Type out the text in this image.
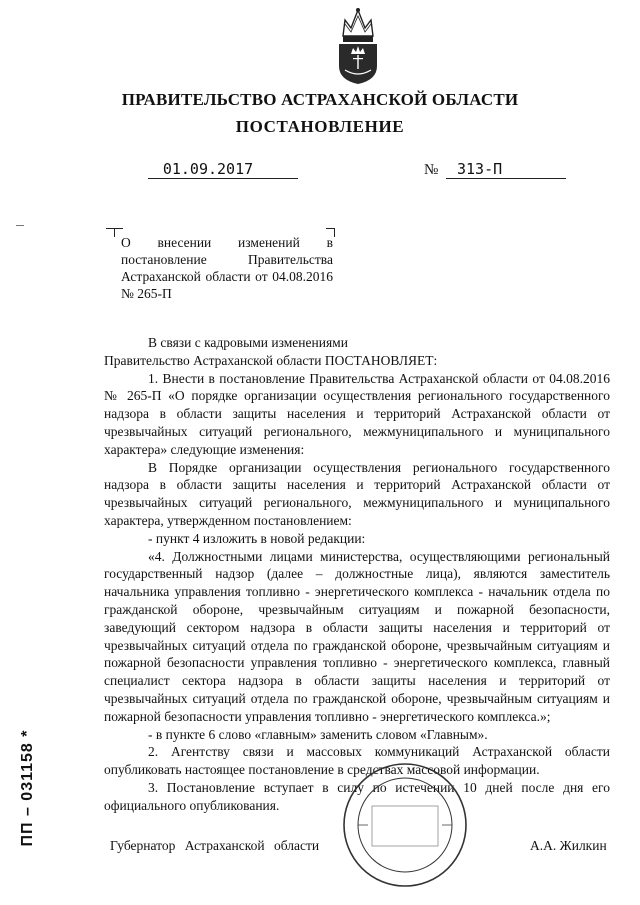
ПРАВИТЕЛЬСТВО АСТРАХАНСКОЙ ОБЛАСТИ
ПОСТАНОВЛЕНИЕ
01.09.2017	№ 313-П
О внесении изменений в постановление Правительства Астраханской области от 04.08.2016 № 265-П

В связи с кадровыми изменениями

Правительство Астраханской области ПОСТАНОВЛЯЕТ:

1. Внести в постановление Правительства Астраханской области от 04.08.2016 № 265-П «О порядке организации осуществления регионального государственного надзора в области защиты населения и территорий Астраханской области от чрезвычайных ситуаций регионального, межмуниципального и муниципального характера» следующие изменения:

В Порядке организации осуществления регионального государственного надзора в области защиты населения и территорий Астраханской области от чрезвычайных ситуаций регионального, межмуниципального и муниципального характера, утвержденном постановлением:

- пункт 4 изложить в новой редакции:

«4. Должностными лицами министерства, осуществляющими региональный государственный надзор (далее – должностные лица), являются заместитель начальника управления топливно - энергетического комплекса - начальник отдела по гражданской обороне, чрезвычайным ситуациям и пожарной безопасности, заведующий сектором надзора в области защиты населения и территорий от чрезвычайных ситуаций отдела по гражданской обороне, чрезвычайным ситуациям и пожарной безопасности управления топливно - энергетического комплекса, главный специалист сектора надзора в области защиты населения и территорий от чрезвычайных ситуаций отдела по гражданской обороне, чрезвычайным ситуациям и пожарной безопасности управления топливно - энергетического комплекса.»;

- в пункте 6 слово «главным» заменить словом «Главным».

2. Агентству связи и массовых коммуникаций Астраханской области опубликовать настоящее постановление в средствах массовой информации.

3. Постановление вступает в силу по истечении 10 дней после дня его официального опубликования.

Губернатор Астраханской области	А.А. Жилкин
ПП – 031158 *
